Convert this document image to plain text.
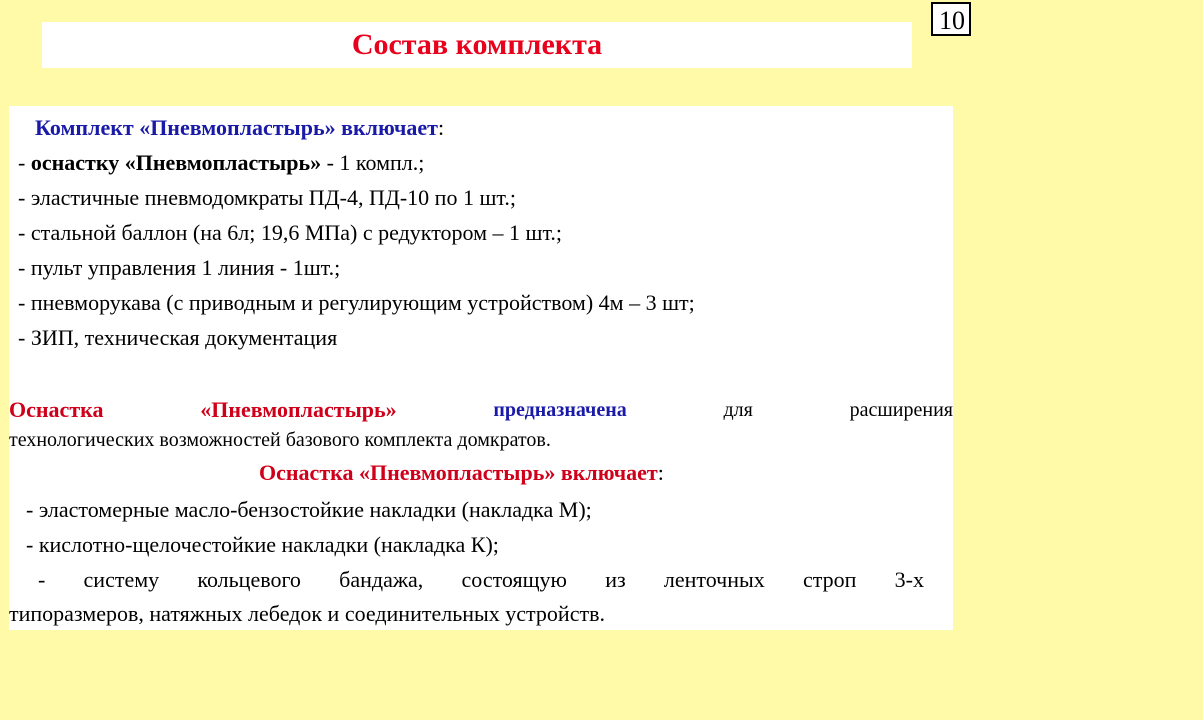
10
Состав комплекта
Комплект «Пневмопластырь» включает:
- оснастку «Пневмопластырь» - 1 компл.;
- эластичные пневмодомкраты ПД-4, ПД-10 по 1 шт.;
- стальной баллон (на 6л; 19,6 МПа) с редуктором – 1 шт.;
- пульт управления 1 линия - 1шт.;
- пневморукава (с приводным и регулирующим устройством) 4м – 3 шт;
- ЗИП, техническая документация
Оснастка	«Пневмопластырь»	предназначена	для	расширения
технологических возможностей базового комплекта домкратов.
Оснастка «Пневмопластырь» включает:
- эластомерные масло-бензостойкие накладки (накладка М);
- кислотно-щелочестойкие накладки (накладка К);
- систему кольцевого бандажа, состоящую из ленточных строп 3-х
типоразмеров, натяжных лебедок и соединительных устройств.
